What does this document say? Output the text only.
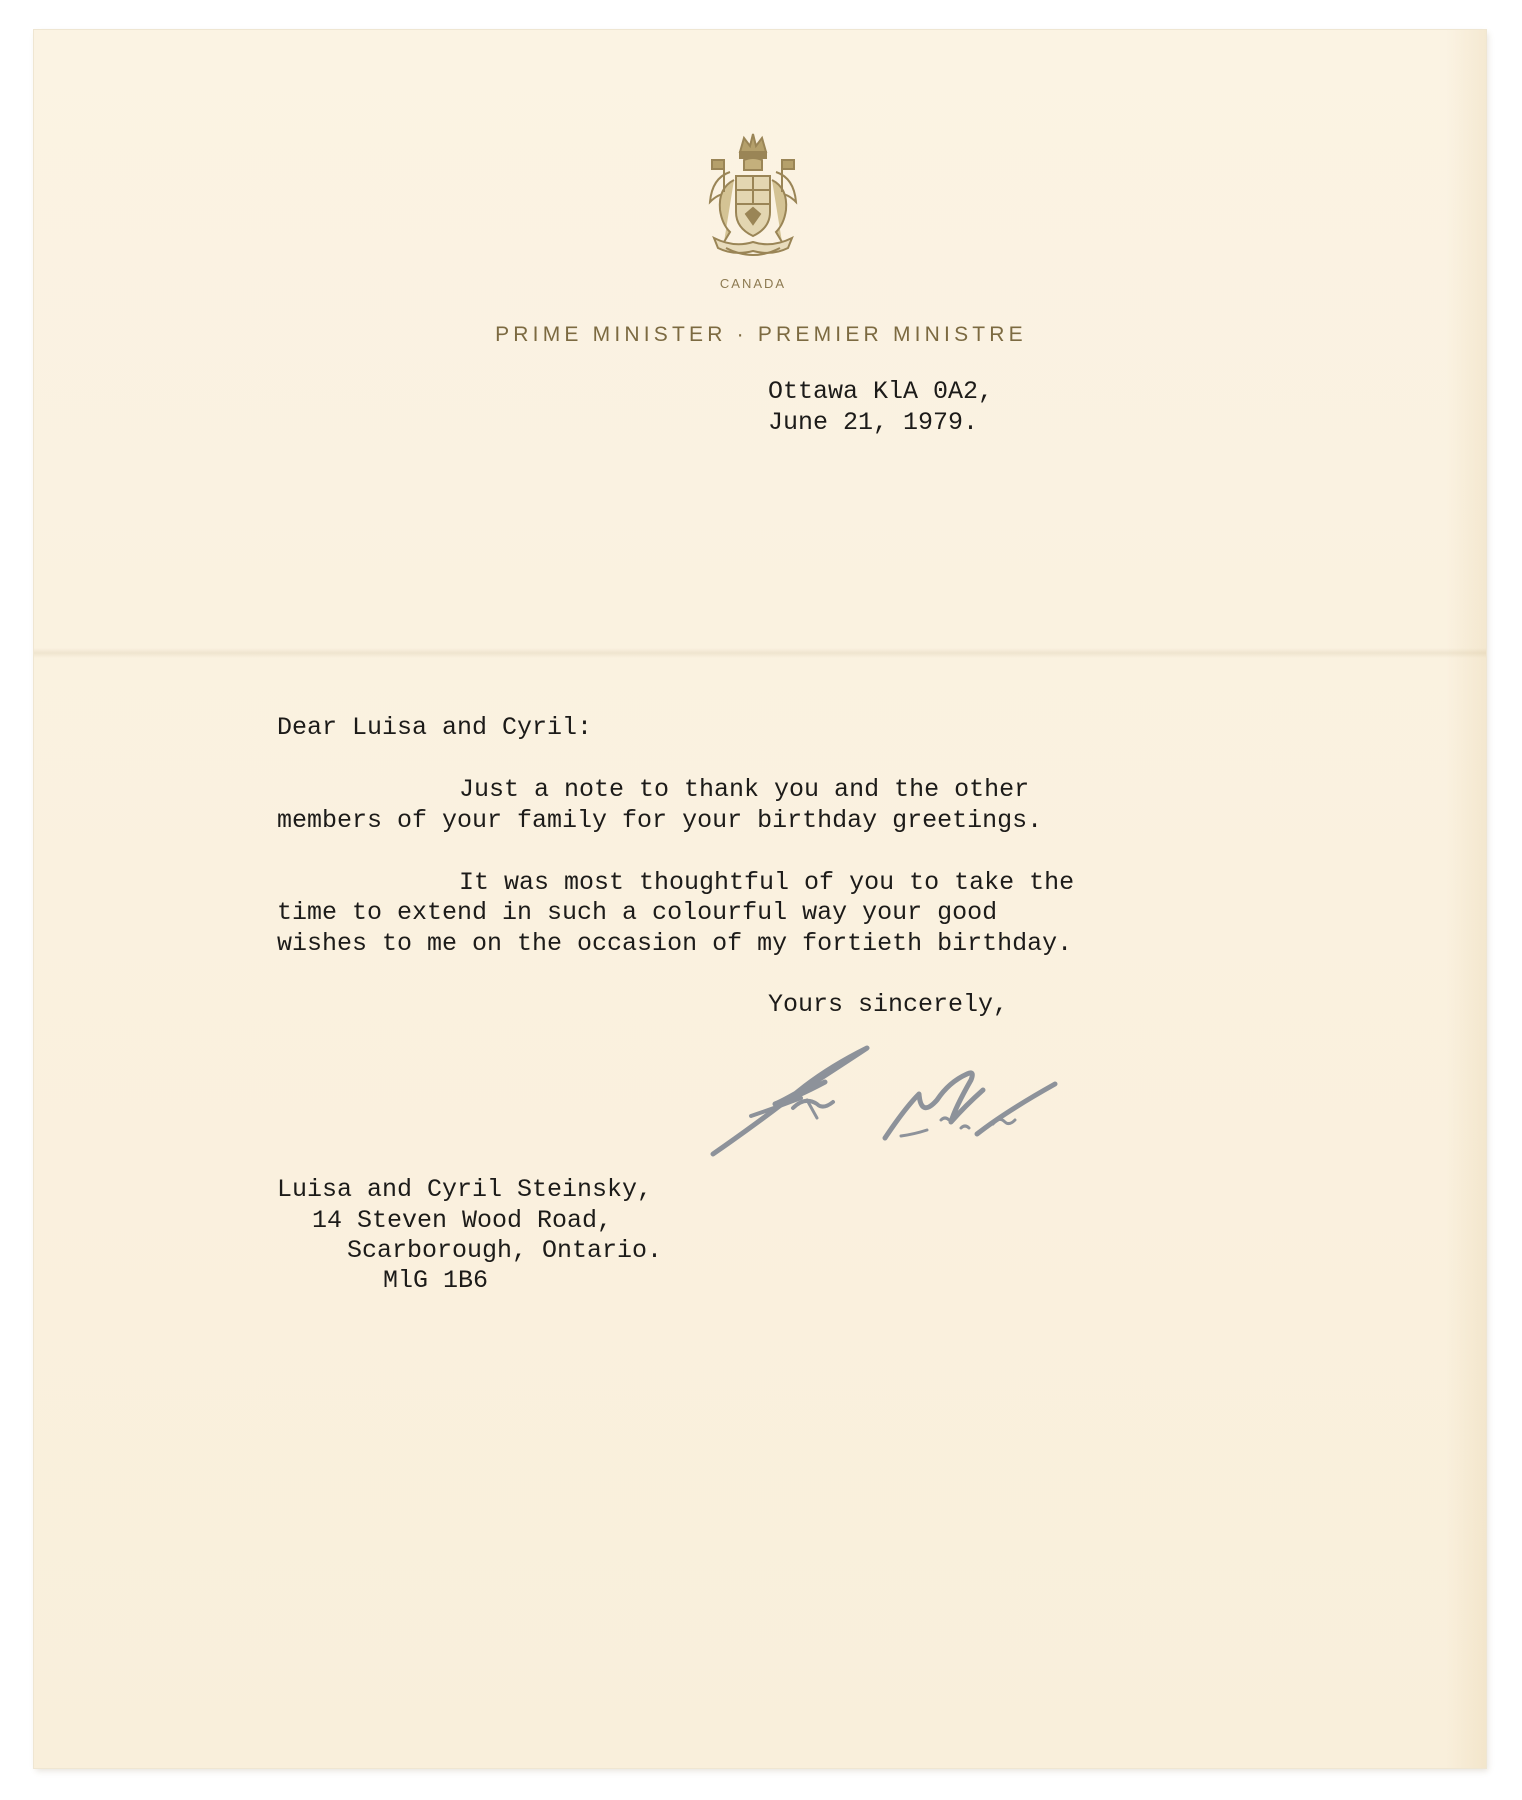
CANADA
PRIME MINISTER · PREMIER MINISTRE
Ottawa KlA 0A2,
June 21, 1979.
Dear Luisa and Cyril:
Just a note to thank you and the other
members of your family for your birthday greetings.
It was most thoughtful of you to take the
time to extend in such a colourful way your good
wishes to me on the occasion of my fortieth birthday.
Yours sincerely,
Luisa and Cyril Steinsky,
14 Steven Wood Road,
Scarborough, Ontario.
MlG 1B6
